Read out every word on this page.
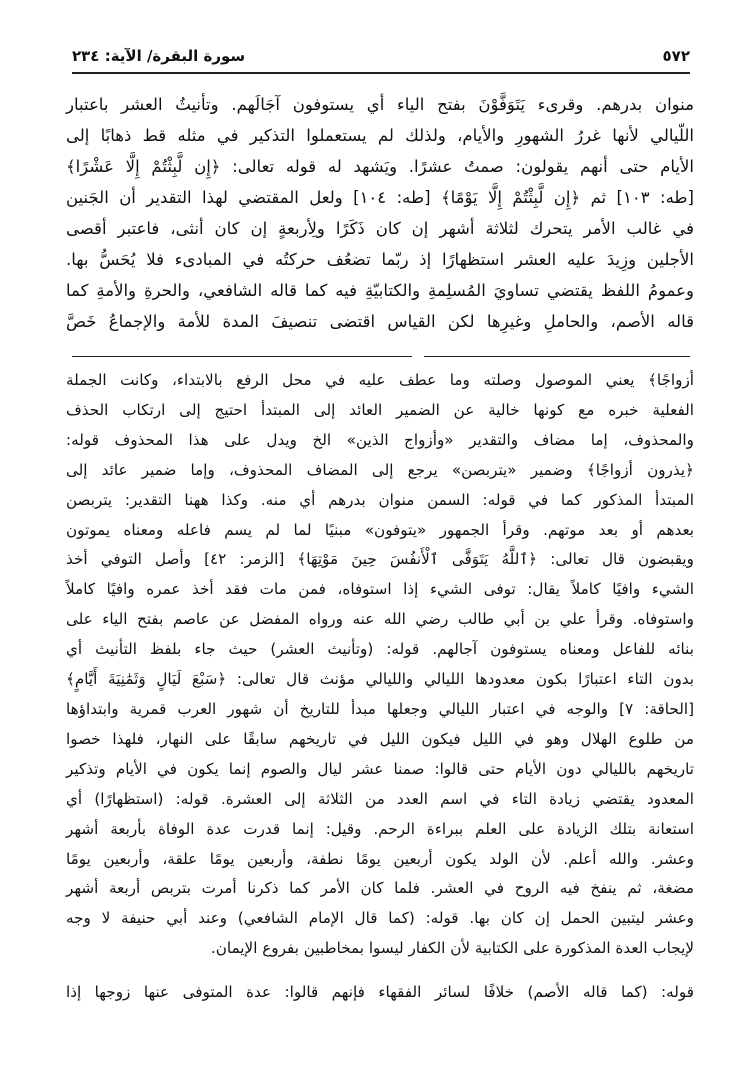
سورة البقرة/ الآية: ٢٣٤	٥٧٢
منوان بدرهم. وقرىء يَتَوَفَّوْنَ بفتح الياء أي يستوفون آجَالَهم. وتأنيثُ العشر باعتبار
اللّيالي لأنها غررُ الشهورِ والأيام، ولذلك لم يستعملوا التذكير في مثله قط ذهابًا إلى
الأيام حتى أنهم يقولون: صمتُ عشرًا. ويَشهد له قوله تعالى: ﴿إِن لَّبِثْتُمْ إِلَّا عَشْرًا﴾
[طه: ١٠٣] ثم ﴿إِن لَّبِثْتُمْ إِلَّا يَوْمًا﴾ [طه: ١٠٤] ولعل المقتضي لهذا التقدير أن الجَنين
في غالب الأمر يتحرك لثلاثة أشهر إن كان ذَكَرًا ولِأربعةٍ إن كان أنثى، فاعتبر أقصى
الأجلين وزِيدَ عليه العشر استظهارًا إذ ربّما تضعُف حركتُه في المبادىء فلا يُحَسُّ بها.
وعمومُ اللفظ يقتضي تساويَ المُسلِمةِ والكتابيّةِ فيه كما قاله الشافعي، والحرةِ والأمةِ كما
قاله الأصم، والحاملِ وغيرِها لكن القياس اقتضى تنصيفَ المدة للأمة والإجماعُ خَصَّ
أزواجًا﴾ يعني الموصول وصلته وما عطف عليه في محل الرفع بالابتداء، وكانت الجملة
الفعلية خبره مع كونها خالية عن الضمير العائد إلى المبتدأ احتيج إلى ارتكاب الحذف
والمحذوف، إما مضاف والتقدير «وأزواج الذين» الخ ويدل على هذا المحذوف قوله:
﴿يذرون أزواجًا﴾ وضمير «يتربصن» يرجع إلى المضاف المحذوف، وإما ضمير عائد إلى
المبتدأ المذكور كما في قوله: السمن منوان بدرهم أي منه. وكذا ههنا التقدير: يتربصن
بعدهم أو بعد موتهم. وقرأ الجمهور «يتوفون» مبنيًا لما لم يسم فاعله ومعناه يموتون
ويقبضون قال تعالى: ﴿ٱللَّهُ يَتَوَفَّى ٱلْأَنفُسَ حِينَ مَوْتِهَا﴾ [الزمر: ٤٢] وأصل التوفي أخذ
الشيء وافيًا كاملاً يقال: توفى الشيء إذا استوفاه، فمن مات فقد أخذ عمره وافيًا كاملاً
واستوفاه. وقرأ علي بن أبي طالب رضي الله عنه ورواه المفضل عن عاصم بفتح الياء على
بنائه للفاعل ومعناه يستوفون آجالهم. قوله: (وتأنيث العشر) حيث جاء بلفظ التأنيث أي
بدون التاء اعتبارًا بكون معدودها الليالي والليالي مؤنث قال تعالى: ﴿سَبْعَ لَيَالٍ وَثَمَٰنِيَةَ أَيَّامٍ﴾
[الحاقة: ٧] والوجه في اعتبار الليالي وجعلها مبدأ للتاريخ أن شهور العرب قمرية وابتداؤها
من طلوع الهلال وهو في الليل فيكون الليل في تاريخهم سابقًا على النهار، فلهذا خصوا
تاريخهم بالليالي دون الأيام حتى قالوا: صمنا عشر ليال والصوم إنما يكون في الأيام وتذكير
المعدود يقتضي زيادة التاء في اسم العدد من الثلاثة إلى العشرة. قوله: (استظهارًا) أي
استعانة بتلك الزيادة على العلم ببراءة الرحم. وقيل: إنما قدرت عدة الوفاة بأربعة أشهر
وعشر. والله أعلم. لأن الولد يكون أربعين يومًا نطفة، وأربعين يومًا علقة، وأربعين يومًا
مضغة، ثم ينفخ فيه الروح في العشر. فلما كان الأمر كما ذكرنا أمرت بتربص أربعة أشهر
وعشر ليتبين الحمل إن كان بها. قوله: (كما قال الإمام الشافعي) وعند أبي حنيفة لا وجه
لإيجاب العدة المذكورة على الكتابية لأن الكفار ليسوا بمخاطبين بفروع الإيمان.
قوله: (كما قاله الأصم) خلافًا لسائر الفقهاء فإنهم قالوا: عدة المتوفى عنها زوجها إذا
